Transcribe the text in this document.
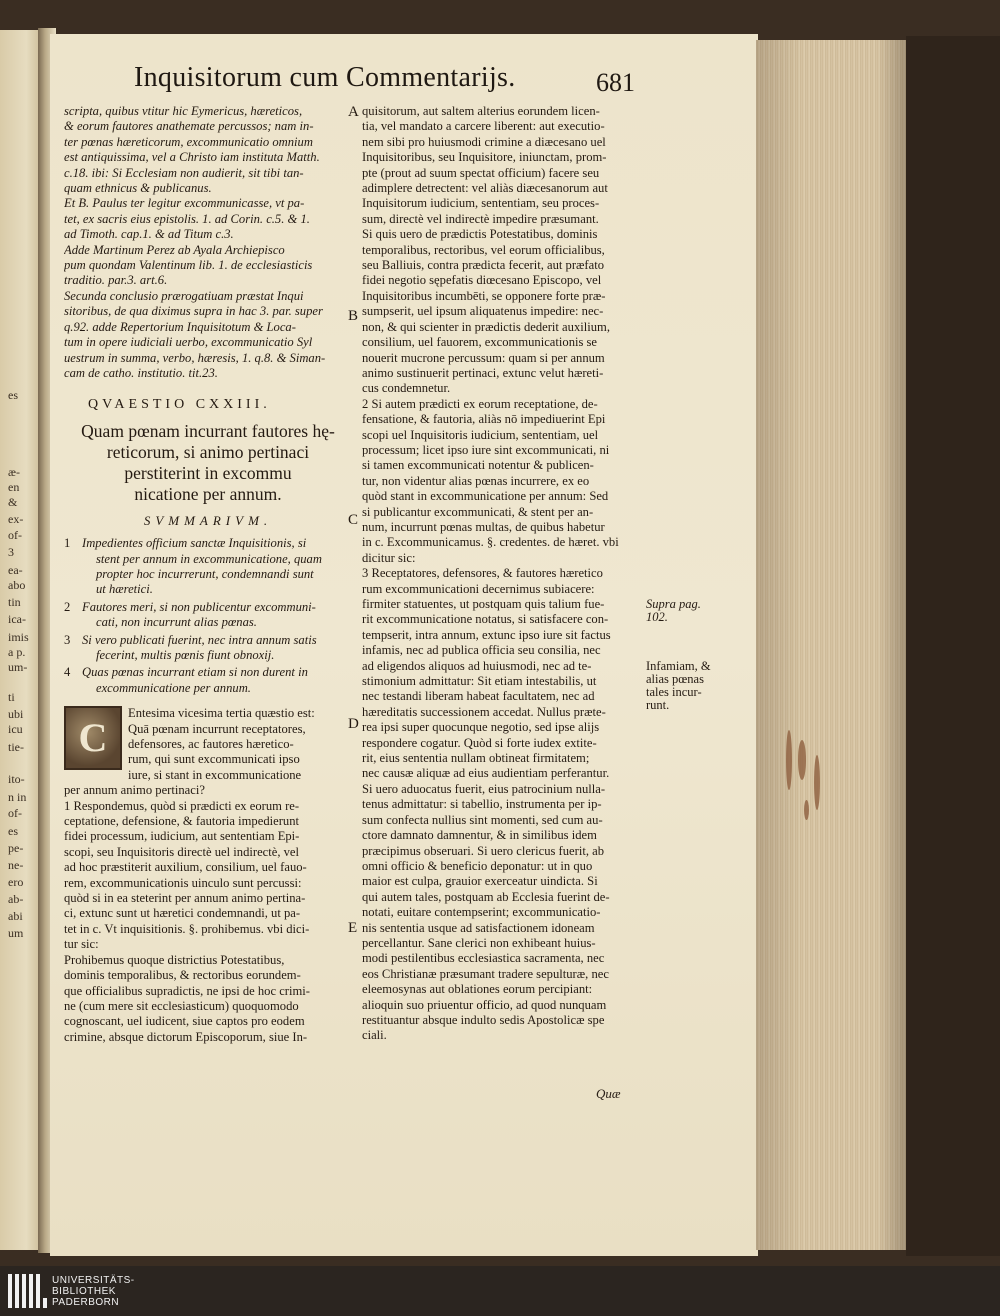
es
æ-
en
&
ex-
of-
3
ea-
abo
tin
ica-
imis
a p.
um-
ti
ubi
icu
tie-
ito-
n in
of-
es
pe-
ne-
ero
ab-
abi
um
Inquisitorum cum Commentarijs.	681
scripta, quibus vtitur hic Eymericus, hæreticos,
& eorum fautores anathemate percussos; nam in-
ter pœnas hæreticorum, excommunicatio omnium
est antiquissima, vel a Christo iam instituta Matth.
c.18. ibi: Si Ecclesiam non audierit, sit tibi tan-
quam ethnicus & publicanus.
Et B. Paulus ter legitur excommunicasse, vt pa-
tet, ex sacris eius epistolis. 1. ad Corin. c.5. & 1.
ad Timoth. cap.1. & ad Titum c.3.
Adde Martinum Perez ab Ayala Archiepisco
pum quondam Valentinum lib. 1. de ecclesiasticis
traditio. par.3. art.6.
Secunda conclusio prærogatiuam præstat Inqui
sitoribus, de qua diximus supra in hac 3. par. super
q.92. adde Repertorium Inquisitotum & Loca-
tum in opere iudiciali uerbo, excommunicatio Syl
uestrum in summa, verbo, hæresis, 1. q.8. & Siman-
cam de catho. institutio. tit.23.
QVAESTIO CXXIII.
Quam pœnam incurrant fautores hę-
reticorum, si animo pertinaci
perstiterint in excommu
nicatione per annum.
SVMMARIVM.
1 Impedientes officium sanctæ Inquisitionis, si
stent per annum in excommunicatione, quam
propter hoc incurrerunt, condemnandi sunt
ut hæretici.
2 Fautores meri, si non publicentur excommuni-
cati, non incurrunt alias pœnas.
3 Si vero publicati fuerint, nec intra annum satis
fecerint, multis pœnis fiunt obnoxij.
4 Quas pœnas incurrant etiam si non durent in
excommunicatione per annum.
C
Entesima vicesima tertia quæstio est:
Quā pœnam incurrunt receptatores,
defensores, ac fautores hæretico-
rum, qui sunt excommunicati ipso
iure, si stant in excommunicatione
per annum animo pertinaci?
1 Respondemus, quòd si prædicti ex eorum re-
ceptatione, defensione, & fautoria impedierunt
fidei processum, iudicium, aut sententiam Epi-
scopi, seu Inquisitoris directè uel indirectè, vel
ad hoc præstiterit auxilium, consilium, uel fauo-
rem, excommunicationis uinculo sunt percussi:
quòd si in ea steterint per annum animo pertina-
ci, extunc sunt ut hæretici condemnandi, ut pa-
tet in c. Vt inquisitionis. §. prohibemus. vbi dici-
tur sic:
Prohibemus quoque districtius Potestatibus,
dominis temporalibus, & rectoribus eorundem-
que officialibus supradictis, ne ipsi de hoc crimi-
ne (cum mere sit ecclesiasticum) quoquomodo
cognoscant, uel iudicent, siue captos pro eodem
crimine, absque dictorum Episcoporum, siue In-
quisitorum, aut saltem alterius eorundem licen-
tia, vel mandato a carcere liberent: aut executio-
nem sibi pro huiusmodi crimine a diæcesano uel
Inquisitoribus, seu Inquisitore, iniunctam, prom-
pte (prout ad suum spectat officium) facere seu
adimplere detrectent: vel aliàs diæcesanorum aut
Inquisitorum iudicium, sententiam, seu proces-
sum, directè vel indirectè impedire præsumant.
Si quis uero de prædictis Potestatibus, dominis
temporalibus, rectoribus, vel eorum officialibus,
seu Balliuis, contra prædicta fecerit, aut præfato
fidei negotio sępefatis diœcesano Episcopo, vel
Inquisitoribus incumbēti, se opponere forte præ-
sumpserit, uel ipsum aliquatenus impedire: nec-
non, & qui scienter in prædictis dederit auxilium,
consilium, uel fauorem, excommunicationis se
nouerit mucrone percussum: quam si per annum
animo sustinuerit pertinaci, extunc velut hæreti-
cus condemnetur.
2 Si autem prædicti ex eorum receptatione, de-
fensatione, & fautoria, aliàs nō impediuerint Epi
scopi uel Inquisitoris iudicium, sententiam, uel
processum; licet ipso iure sint excommunicati, ni
si tamen excommunicati notentur & publicen-
tur, non videntur alias pœnas incurrere, ex eo
quòd stant in excommunicatione per annum: Sed
si publicantur excommunicati, & stent per an-
num, incurrunt pœnas multas, de quibus habetur
in c. Excommunicamus. §. credentes. de hæret. vbi
dicitur sic:
3 Receptatores, defensores, & fautores hæretico
rum excommunicationi decernimus subiacere:
firmiter statuentes, ut postquam quis talium fue-
rit excommunicatione notatus, si satisfacere con-
tempserit, intra annum, extunc ipso iure sit factus
infamis, nec ad publica officia seu consilia, nec
ad eligendos aliquos ad huiusmodi, nec ad te-
stimonium admittatur: Sit etiam intestabilis, ut
nec testandi liberam habeat facultatem, nec ad
hæreditatis successionem accedat. Nullus præte-
rea ipsi super quocunque negotio, sed ipse alijs
respondere cogatur. Quòd si forte iudex extite-
rit, eius sententia nullam obtineat firmitatem;
nec causæ aliquæ ad eius audientiam perferantur.
Si uero aduocatus fuerit, eius patrocinium nulla-
tenus admittatur: si tabellio, instrumenta per ip-
sum confecta nullius sint momenti, sed cum au-
ctore damnato damnentur, & in similibus idem
præcipimus obseruari. Si uero clericus fuerit, ab
omni officio & beneficio deponatur: ut in quo
maior est culpa, grauior exerceatur uindicta. Si
qui autem tales, postquam ab Ecclesia fuerint de-
notati, euitare contempserint; excommunicatio-
nis sententia usque ad satisfactionem idoneam
percellantur. Sane clerici non exhibeant huius-
modi pestilentibus ecclesiastica sacramenta, nec
eos Christianæ præsumant tradere sepulturæ, nec
eleemosynas aut oblationes eorum percipiant:
alioquin suo priuentur officio, ad quod nunquam
restituantur absque indulto sedis Apostolicæ spe
ciali.
A
B
C
D
E
Supra pag.
102.
Infamiam, &
alias pœnas
tales incur-
runt.
Quæ
UNIVERSITÄTS-
BIBLIOTHEK
PADERBORN
